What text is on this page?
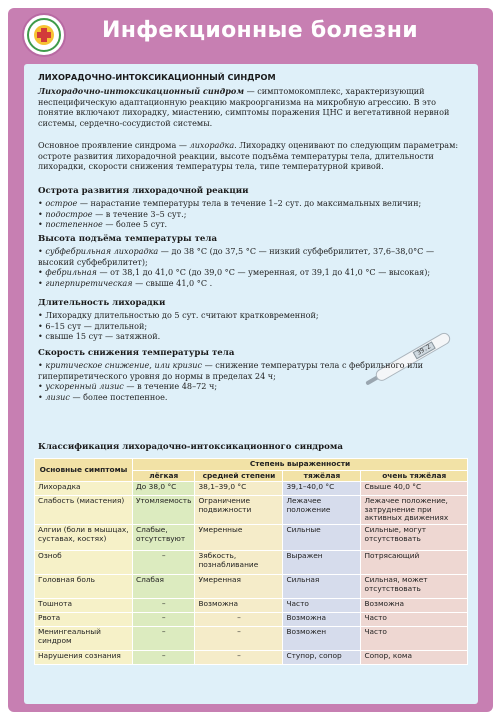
Инфекционные болезни
ЛИХОРАДОЧНО-ИНТОКСИКАЦИОННЫЙ СИНДРОМ
Лихорадочно-интоксикационный синдром — симптомокомплекс, характеризующий неспецифическую адаптационную реакцию макроорганизма на микробную агрессию. В это понятие включают лихорадку, миастению, симптомы поражения ЦНС и вегетативной нервной системы, сердечно-сосудистой системы.
Основное проявление синдрома — лихорадка. Лихорадку оценивают по следующим параметрам: остроте развития лихорадочной реакции, высоте подъёма температуры тела, длительности лихорадки, скорости снижения температуры тела, типе температурной кривой.
Острота развития лихорадочной реакции
• острое — нарастание температуры тела в течение 1–2 сут. до максимальных величин;
• подострое — в течение 3–5 сут.;
• постепенное — более 5 сут.
Высота подъёма температуры тела
• субфебрильная лихорадка — до 38 °C (до 37,5 °C — низкий субфебрилитет, 37,6–38,0°C — высокий субфебрилитет);
• фебрильная — от 38,1 до 41,0 °C (до 39,0 °C — умеренная, от 39,1 до 41,0 °C — высокая);
• гиперпиретическая — свыше 41,0 °C .
Длительность лихорадки
• Лихорадку длительностью до 5 сут. считают кратковременной;
• 6–15 сут — длительной;
• свыше 15 сут — затяжной.
39.2
Скорость снижения температуры тела
• критическое снижение, или кризис — снижение температуры тела с фебрильного или гиперпиретического уровня до нормы в пределах 24 ч;
• ускоренный лизис — в течение 48–72 ч;
• лизис — более постепенное.
Классификация лихорадочно-интоксикационного синдрома
Основные симптомы	Степень выраженности			
	лёгкая	средней степени	тяжёлая	очень тяжёлая
Лихорадка	До 38,0 °C	38,1–39,0 °C	39,1–40,0 °C	Свыше 40,0 °C
Слабость (миастения)	Утомляемость	Ограничение подвижности	Лежачее положение	Лежачее положение, затруднение при активных движениях
Алгии (боли в мышцах, суставах, костях)	Слабые, отсутствуют	Умеренные	Сильные	Сильные, могут отсутствовать
Озноб	–	Зябкость, познабливание	Выражен	Потрясающий
Головная боль	Слабая	Умеренная	Сильная	Сильная, может отсутствовать
Тошнота	–	Возможна	Часто	Возможна
Рвота	–	–	Возможна	Часто
Менингеальный синдром	–	–	Возможен	Часто
Нарушения сознания	–	–	Ступор, сопор	Сопор, кома
